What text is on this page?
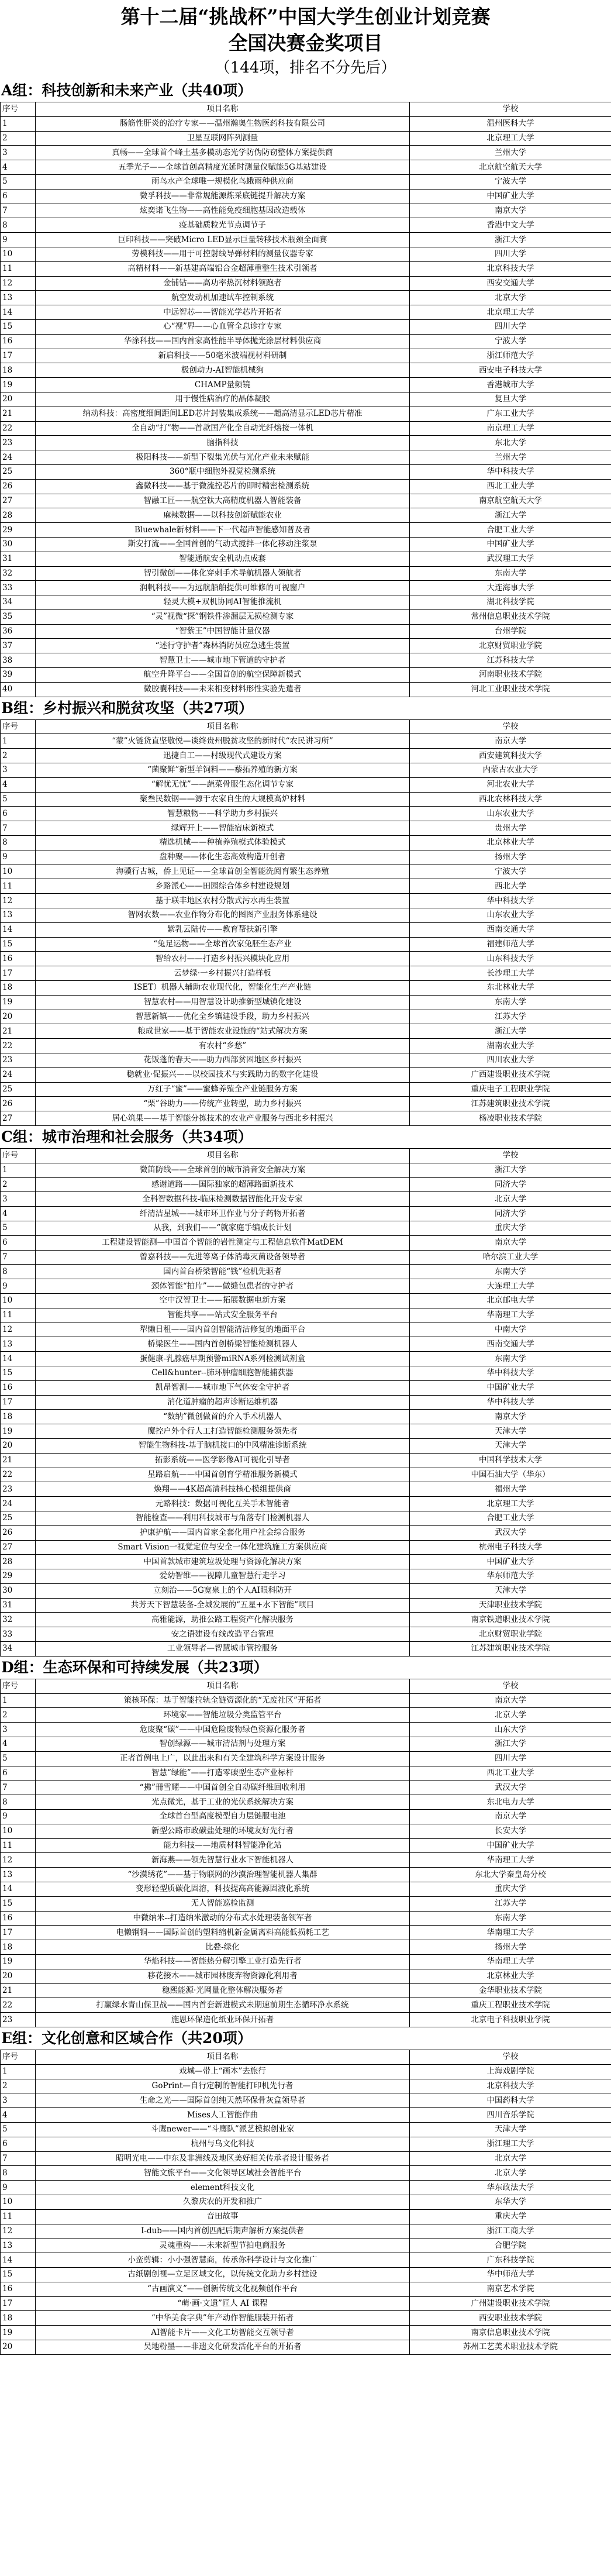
第十二届“挑战杯”中国大学生创业计划竞赛
全国决赛金奖项目
（144项，排名不分先后）
A组：科技创新和未来产业（共40项）
序号	项目名称	学校
1	肠筋性肝炎的治疗专家——温州瀚奥生物医药科技有限公司	温州医科大学
2	卫星互联网阵列测量	北京理工大学
3	真畅——全球首个峰土基多模动态光学防伪防窃整体方案提供商	兰州大学
4	五季光子——全球首创高精度光延时测量仪赋能5G基站建设	北京航空航天大学
5	雨鸟水产全球唯一规模化鸟蛾雨种供应商	宁波大学
6	微孚科技——非常规能源炼采底链提升解决方案	中国矿业大学
7	炫奕诺飞生物——高性能免疫细胞基因改造载体	南京大学
8	疫基础质粒光节点调节子	香港中文大学
9	巨印科技——突破Micro LED显示巨量转移技术瓶颈全面赛	浙江大学
10	劳模科技——用于可控射线导弹材料的测量仪器专家	四川大学
11	高精材料——新基建高端铝合金超薄重整生技术引领者	北京科技大学
12	金铺钻——高功率热沉材料领跑者	西安交通大学
13	航空发动机加速试车控制系统	北京大学
14	中远智芯——智能光学芯片开拓者	北京理工大学
15	心“视”界——心血管全息诊疗专家	四川大学
16	华涂科技——国内首家高性能半导体抛光涂层材料供应商	宁波大学
17	新启科技——50毫米波端视材料研制	浙江师范大学
18	极创动力-AI智能机械狗	西安电子科技大学
19	CHAMP量频镜	香港城市大学
20	用于慢性病治疗的晶体凝胶	复旦大学
21	纳动科技：高密度细间距间LED芯片封装集成系统——超高清显示LED芯片精准	广东工业大学
22	全自动“打”物——首款国产化全自动光纤熔接一体机	南京理工大学
23	脑指科技	东北大学
24	极阳科技——新型下裂集光伏与光化产业未来赋能	兰州大学
25	360°瓶中细胞外视觉检测系统	华中科技大学
26	鑫微科技——基于微流控芯片的即时精密检测系统	西北工业大学
27	智融工匠——航空钛大高精度机器人智能装备	南京航空航天大学
28	麻辣数据——以科技创新赋能农业	浙江大学
29	Bluewhale新材料——下一代超声智能感知普及者	合肥工业大学
30	斯安打流——全国首创的气动式搅拌一体化移动注浆泵	中国矿业大学
31	智能通航安全机动点成套	武汉理工大学
32	智引微创——体化穿刺手术导航机器人领航者	东南大学
33	润帆科技——为远航船舶提供可维修的可视窗户	大连海事大学
34	轻灵大模+双机协同AI智能推流机	湖北科技学院
35	“灵”视微“探”钢铁件渗漏层无损检测专家	常州信息职业技术学院
36	“智紫王”中国智能计量仪器	台州学院
37	“述行守护者”森林消防员应急逃生装置	北京财贸职业学院
38	智慧卫士——城市地下管道的守护者	江苏科技大学
39	航空升降平台——全国首创的航空保障新模式	河南职业技术学院
40	微胶囊科技——未来相变材料形性实验先遣者	河北工业职业技术学院
B组：乡村振兴和脱贫攻坚（共27项）
序号	项目名称	学校
1	“蒙”火链货直坚敬悦—谈终贵州脱贫攻坚的新时代“农民讲习所”	南京大学
2	迅捷自工——村级现代式建设方案	西安建筑科技大学
3	“菌聚鲜”新型羊饲料——藜拓养殖的新方案	内蒙古农业大学
4	“解忧无忧”——蔬菜骨服生态化调节专家	河北农业大学
5	聚叁民数钢——源于农家自生的大规模高炉材料	西北农林科技大学
6	智慧粮物——科学助力乡村振兴	山东农业大学
7	绿辉开上——智能宿床新模式	贵州大学
8	精选机械——种植养殖模式体验模式	北京林业大学
9	盘种聚——体化生态高效构造开创者	扬州大学
10	海骥行古城，侨上见证——全球首创全智能洗阅育繁生态养殖	宁波大学
11	乡路派心——田园综合体乡村建设规划	西北大学
12	基于联丰地区农村分散式污水再生装置	华中科技大学
13	智网农数——农业作物分布化的图图产业服务体系建设	山东农业大学
14	紫乳云陆传——教育帮扶新引擎	西南交通大学
15	“兔足运物——全球首次家兔胚生态产业	福建师范大学
16	智给农村——打造乡村振兴模块化应用	山东科技大学
17	云梦绿·一乡村振兴打造样板	长沙理工大学
18	ISET）机器人辅助农业现代化，智能化生产产业链	东北林业大学
19	智慧农村——用智慧设计助推新型城镇化建设	东南大学
20	智慧新镇——优化全乡镇建设手段，助力乡村振兴	江苏大学
21	粮成世家——基于智能农业设施的“站式解决方案	浙江大学
22	有农村“乡愁”	湖南农业大学
23	花饭蓬的春天——助力西部贫困地区乡村振兴	四川农业大学
24	稳就业·促振兴——以校园技术与实践助力的数字化建设	广西建设职业技术学院
25	万红子“蜜”——蜜蜂养殖全产业链服务方案	重庆电子工程职业学院
26	“栗”谷助力——传统产业转型，助力乡村振兴	江苏建筑职业技术学院
27	居心筑果——基于智能分拣技术的农业产业服务与西北乡村振兴	杨凌职业技术学院
C组：城市治理和社会服务（共34项）
序号	项目名称	学校
1	微笛防线——全球首创的城市消音安全解决方案	浙江大学
2	感谢道路——国际独家的超薄路面新技术	同济大学
3	全科智数据科技-临床检测数据智能化开发专家	北京大学
4	纤清洁星城——城市环卫作业与分子药物开拓者	同济大学
5	从我，到我们——“就家庭手编成长计划	重庆大学
6	工程建设智能测—中国首个智能的岩性测定与工程信息软件MatDEM	南京大学
7	曾嘉科技——先进等离子体消毒灭菌设备领导者	哈尔滨工业大学
8	国内首台桥梁智能“钱”检机先驱者	东南大学
9	颈体智能“拍片”——做缝包患者的守护者	大连理工大学
10	空中汉智卫士——拓展数据电新方案	北京邮电大学
11	智能共享——站式安全服务平台	华南理工大学
12	犁懒日租——国内首创智能清洁修复的地面平台	中南大学
13	桥梁医生——国内首创桥梁智能检测机器人	西南交通大学
14	蛋健康-乳腺癌早期预警miRNA系列检测试剂盒	东南大学
15	Cell&hunter--肺环肿瘤细胞智能捕获器	华中科技大学
16	凯昂智测——城市地下气体安全守护者	中国矿业大学
17	消化道肿瘤的超声诊断运维机器	华中科技大学
18	“数纳”微创做首的介入手术机器人	南京大学
19	魔控户外个行人工打造智能检测服务领先者	天津大学
20	智能生物科技-基于脑机接口的中风精准诊断系统	天津大学
21	拓影系统——医学影像AI可视化引导者	中国科学技术大学
22	星路启航——中国首创育学精准服务新模式	中国石油大学（华东）
23	焕翔——4K超高清科技核心模组提供商	福州大学
24	元路科技：数据可视化互关手术智能者	北京理工大学
25	智能检查——利用科技城市与角落专门检测机器人	合肥工业大学
26	护康护航——国内首家全套化用户社会综合服务	武汉大学
27	Smart Vision一视觉定位与安全一体化建筑施工方案供应商	杭州电子科技大学
28	中国首款城市建筑垃圾处理与资源化解决方案	中国矿业大学
29	爱幼智维——视障儿童智慧行走学习	华东师范大学
30	立刻治——5G宽泉上的个人AI眼科防开	天津大学
31	共芳天下智慧装备-全城发展的“五星+水下智能”项目	天津职业技术学院
32	高雅能源，助推公路工程资产化解决服务	南京铁道职业技术学院
33	安之语建设有线改造平台管理	北京财贸职业学院
34	工业领导者—智慧城市管控服务	江苏建筑职业技术学院
D组：生态环保和可持续发展（共23项）
序号	项目名称	学校
1	策核环保：基于智能拉轨全链资源化的“无废社区”开拓者	南京大学
2	环境家——智能垃圾分类监管平台	北京大学
3	危废聚“碳”——中国危险废物绿色资源化服务者	山东大学
4	智创绿源——城市清洁剂与处理方案	浙江大学
5	正者首例电上广，以此出来和有关全建筑科学方案设计服务	四川大学
6	智慧“绿能”——打造零碳型生态产业标杆	西北工业大学
7	“拂”冊雪耀——中国首创全自动碳纤维回收利用	武汉大学
8	光点微光，基于工业的光伏系统解决方案	东北电力大学
9	全球首台型高度模型自力层链服电池	南京大学
10	新型公路市政碳盐处理的环境友好先行者	长安大学
11	能力科技——地质材料智能净化站	中国矿业大学
12	新海燕——领先智慧行业水下智能机器人	华南理工大学
13	“沙漠绣花”——基于物联网的沙漠治理智能机器人集群	东北大学秦皇岛分校
14	变形轻型质碳化固溶，科技提高高能源固液化系统	重庆大学
15	无人智能巡检监测	江苏大学
16	中微纳米--打造纳米激动的分布式水处理装备领军者	东南大学
17	电懒钢铜——国际首创的塑料缩机新金属离料高能低损耗工艺	华南理工大学
18	比叠-绿化	扬州大学
19	华焰科技——智能热分解引擎工业打造先行者	华南理工大学
20	移花接木——城市园林废弃物资源化利用者	北京林业大学
21	稳熙能源·光网量化整体解决服务者	金华职业技术学院
22	打赢绿水青山保卫战——国内首套新进模式未期速前期生态循环净水系统	重庆工程职业技术学院
23	施恩环保造化纸业环保开拓者	北京电子科技职业学院
E组：文化创意和区域合作（共20项）
序号	项目名称	学校
1	戏城—带上“画本”去旅行	上海戏剧学院
2	GoPrint—自行定制的智能打印机先行者	北京科技大学
3	生命之光——国际首创纯天然环保骨灰盒领导者	中国药科大学
4	Mises人工智能作曲	四川音乐学院
5	斗鹰newer——“斗鹰队”派艺模拟创业家	天津大学
6	杭州与乌文化科技	浙江理工大学
7	昭明光电——中东及非洲线及地区美好相关传承者设计服务者	北京大学
8	智能文旅平台——文化领导区域社会智能平台	北京大学
9	element科技文化	华东政法大学
10	久黎庆农的开发和推广	东华大学
11	音田故事	重庆大学
12	I-dub——国内首创匹配后期声解析方案提供者	浙江工商大学
13	灵魂重构——未来新型节拍电商服务	合肥学院
14	小蛮剪辑：小小强智慧商，传承你科学设计与文化推广	广东科技学院
15	古纸剧创视—立足区域文化，以传统文化助力乡村建设	华中师范大学
16	“古画演义”——创新传统文化视频创作平台	南京艺术学院
17	“萌·画·文遗”匠人 AI 课程	广州建设职业技术学院
18	“中华美食字典”年产动作智能服装开拓者	西安职业技术学院
19	AI智能卡片——文化工坊智能交互领导者	南京信息职业技术学院
20	吴地粉墨——非遗文化研发活化平台的开拓者	苏州工艺美术职业技术学院
